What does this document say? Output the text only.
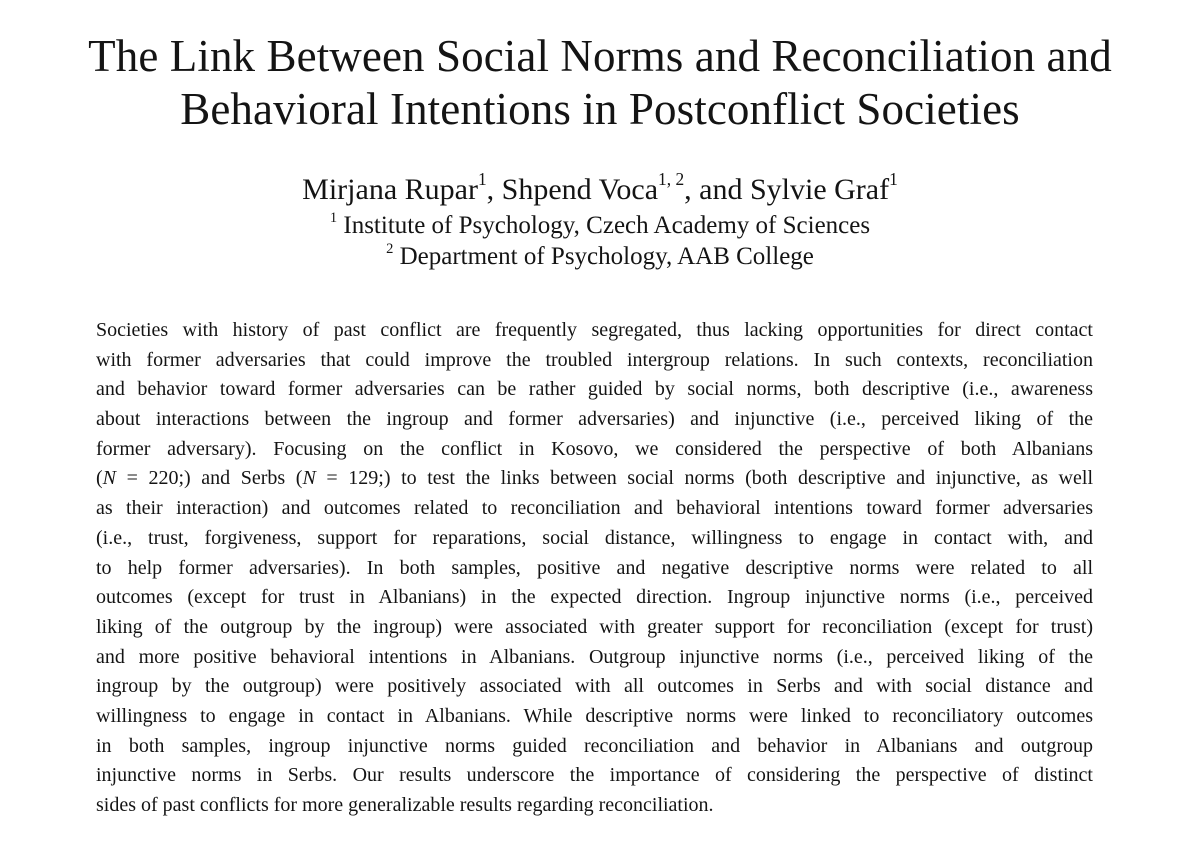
The Link Between Social Norms and Reconciliation and
Behavioral Intentions in Postconflict Societies
Mirjana Rupar$^1$, Shpend Voca$^{1, 2}$, and Sylvie Graf$^1$
$^1$ Institute of Psychology, Czech Academy of Sciences
$^2$ Department of Psychology, AAB College
Societies with history of past conflict are frequently segregated, thus lacking opportunities for direct contact
with former adversaries that could improve the troubled intergroup relations. In such contexts, reconciliation
and behavior toward former adversaries can be rather guided by social norms, both descriptive (i.e., awareness
about interactions between the ingroup and former adversaries) and injunctive (i.e., perceived liking of the
former adversary). Focusing on the conflict in Kosovo, we considered the perspective of both Albanians
(N = 220;) and Serbs (N = 129;) to test the links between social norms (both descriptive and injunctive, as well
as their interaction) and outcomes related to reconciliation and behavioral intentions toward former adversaries
(i.e., trust, forgiveness, support for reparations, social distance, willingness to engage in contact with, and
to help former adversaries). In both samples, positive and negative descriptive norms were related to all
outcomes (except for trust in Albanians) in the expected direction. Ingroup injunctive norms (i.e., perceived
liking of the outgroup by the ingroup) were associated with greater support for reconciliation (except for trust)
and more positive behavioral intentions in Albanians. Outgroup injunctive norms (i.e., perceived liking of the
ingroup by the outgroup) were positively associated with all outcomes in Serbs and with social distance and
willingness to engage in contact in Albanians. While descriptive norms were linked to reconciliatory outcomes
in both samples, ingroup injunctive norms guided reconciliation and behavior in Albanians and outgroup
injunctive norms in Serbs. Our results underscore the importance of considering the perspective of distinct
sides of past conflicts for more generalizable results regarding reconciliation.
